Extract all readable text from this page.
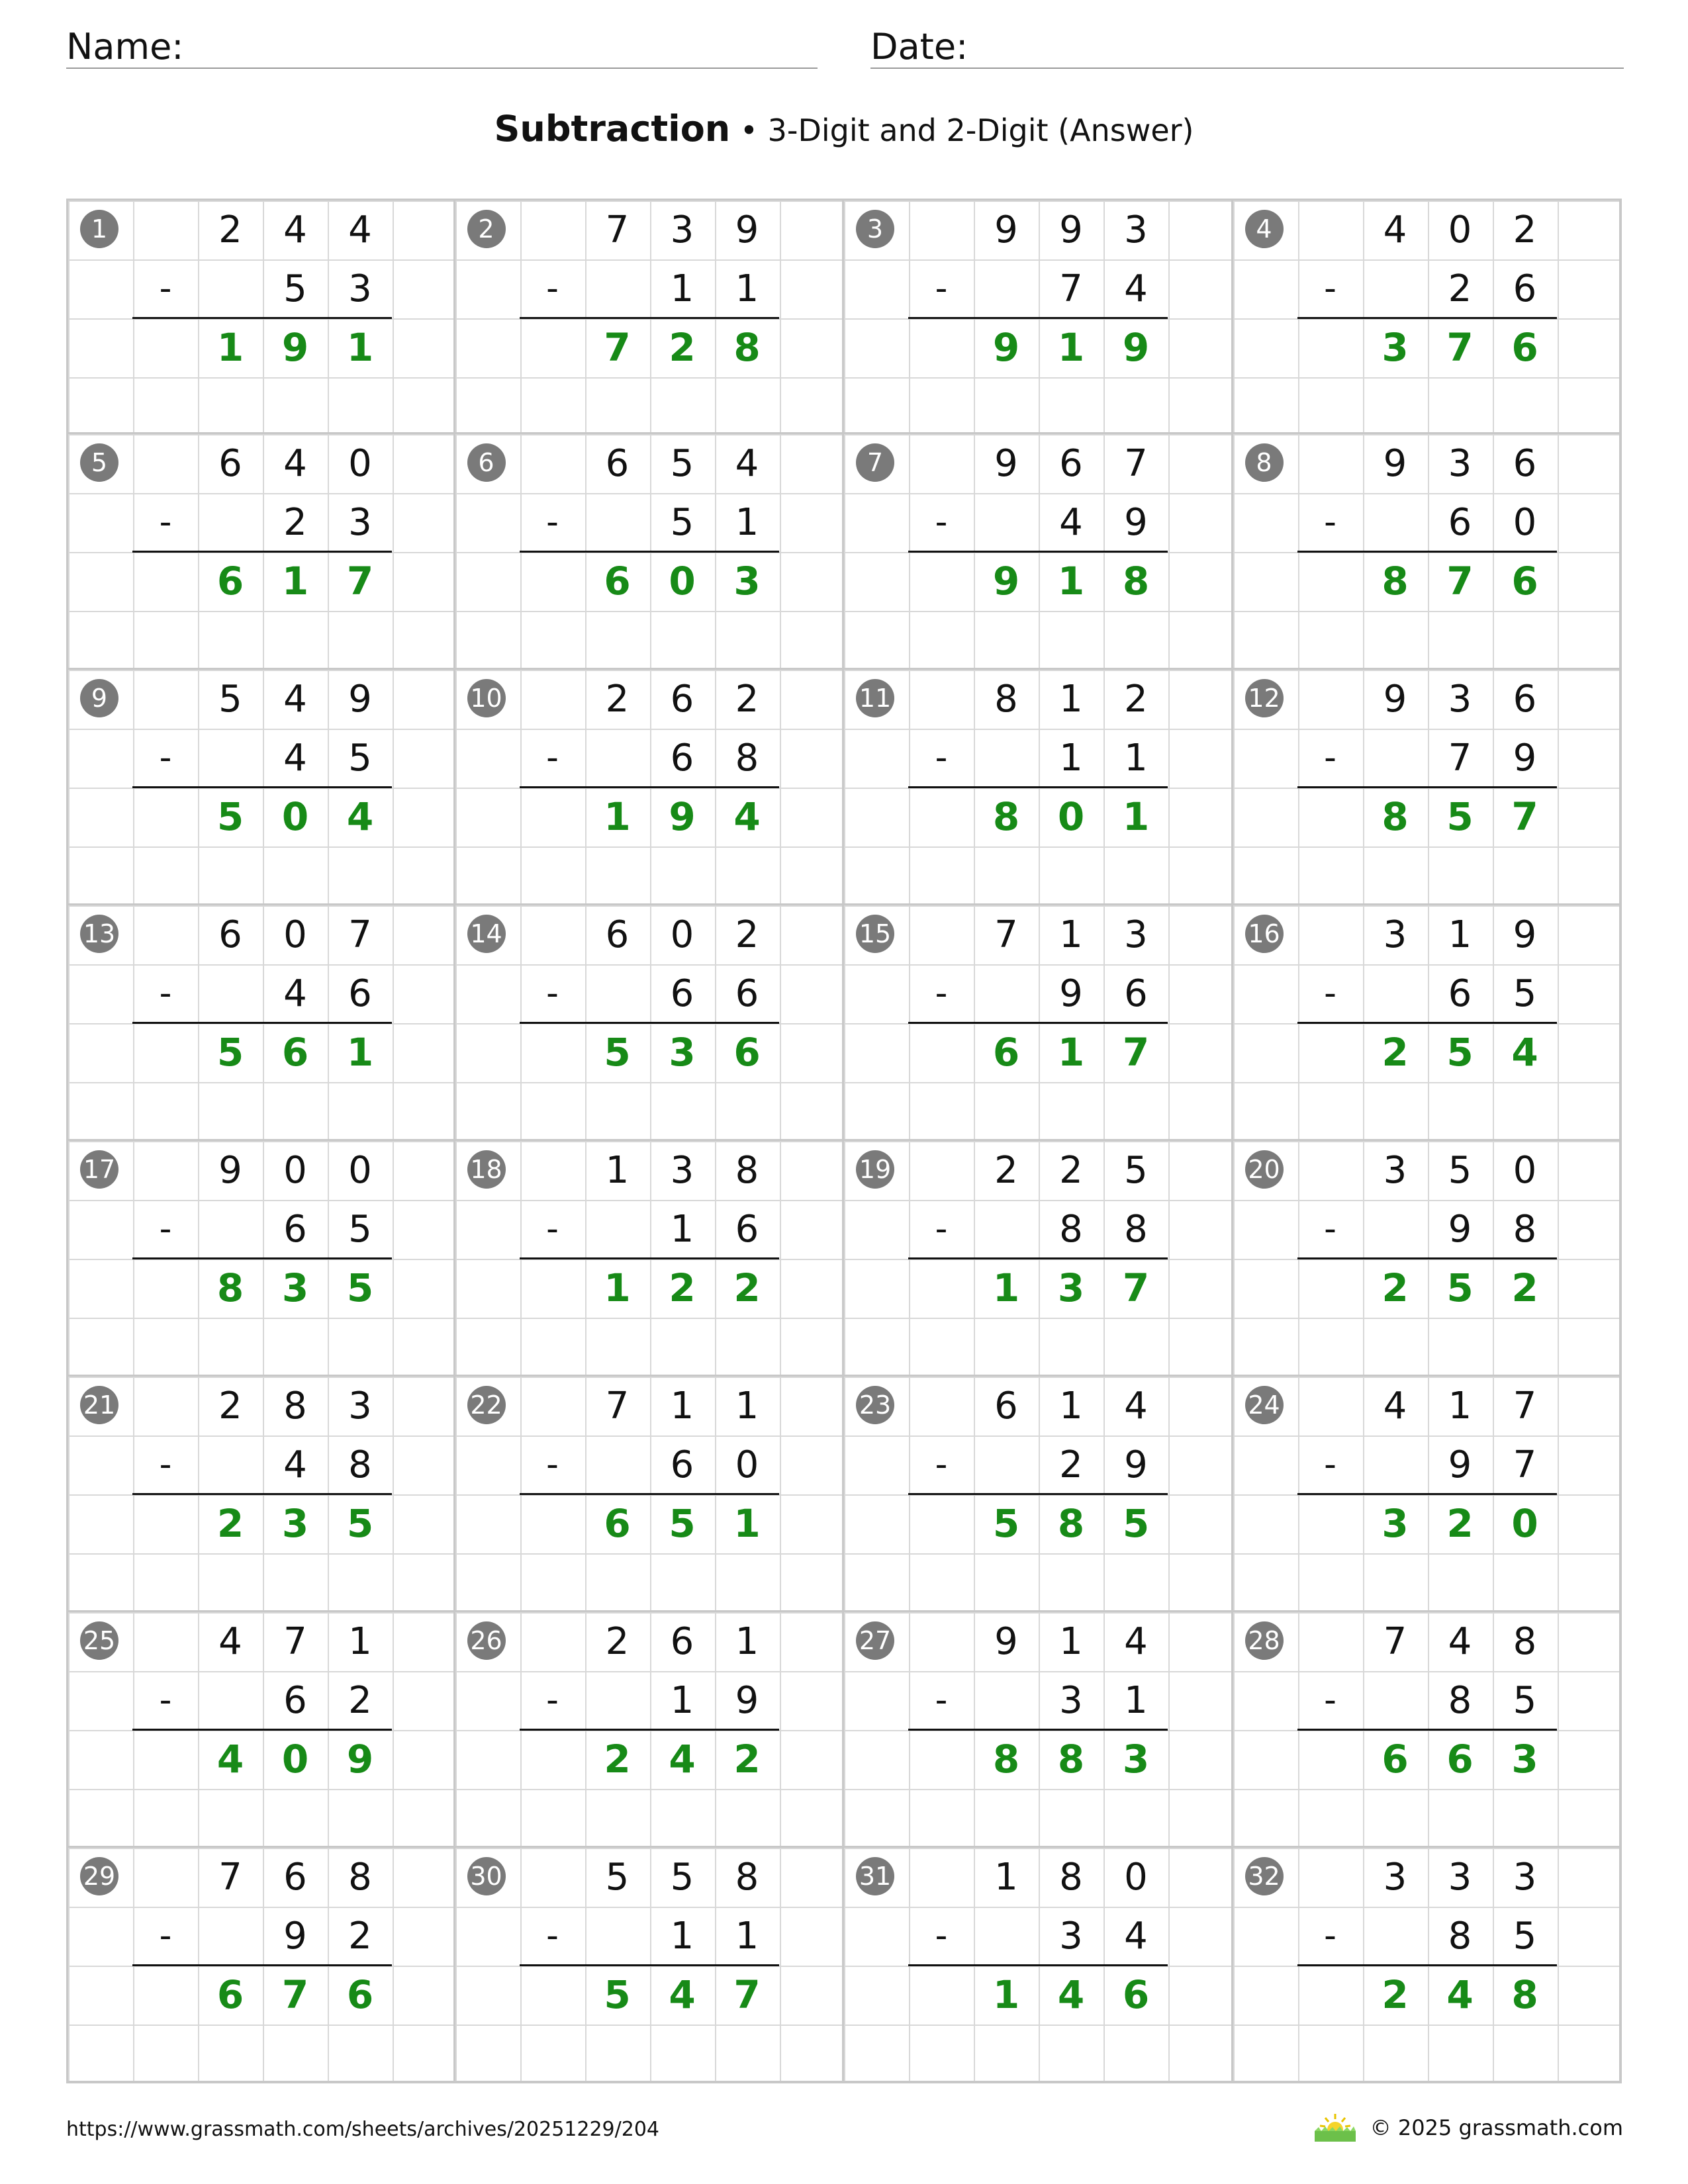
Name:	Date:
Subtraction • 3-Digit and 2-Digit (Answer)
1	2	4	4
-	5	3
1 9 1
2	7	3	9
-	1	1
7 2 8
3	9	9	3
-	7	4
9 1 9
4	4	0	2
-	2	6
3 7 6
5	6	4	0
-	2	3
6 1 7
6	6	5	4
-	5	1
6 0 3
7	9	6	7
-	4	9
9 1 8
8	9	3	6
-	6	0
8 7 6
9	5	4	9
-	4	5
5 0 4
10	2	6	2
-	6	8
1 9 4
11	8	1	2
-	1	1
8 0 1
12	9	3	6
-	7	9
8 5 7
13	6	0	7
-	4	6
5 6 1
14	6	0	2
-	6	6
5 3 6
15	7	1	3
-	9	6
6 1 7
16	3	1	9
-	6	5
2 5 4
17	9	0	0
-	6	5
8 3 5
18	1	3	8
-	1	6
1 2 2
19	2	2	5
-	8	8
1 3 7
20	3	5	0
-	9	8
2 5 2
21	2	8	3
-	4	8
2 3 5
22	7	1	1
-	6	0
6 5 1
23	6	1	4
-	2	9
5 8 5
24	4	1	7
-	9	7
3 2 0
25	4	7	1
-	6	2
4 0 9
26	2	6	1
-	1	9
2 4 2
27	9	1	4
-	3	1
8 8 3
28	7	4	8
-	8	5
6 6 3
29	7	6	8
-	9	2
6 7 6
30	5	5	8
-	1	1
5 4 7
31	1	8	0
-	3	4
1 4 6
32	3	3	3
-	8	5
2 4 8
https://www.grassmath.com/sheets/archives/20251229/204	© 2025 grassmath.com
